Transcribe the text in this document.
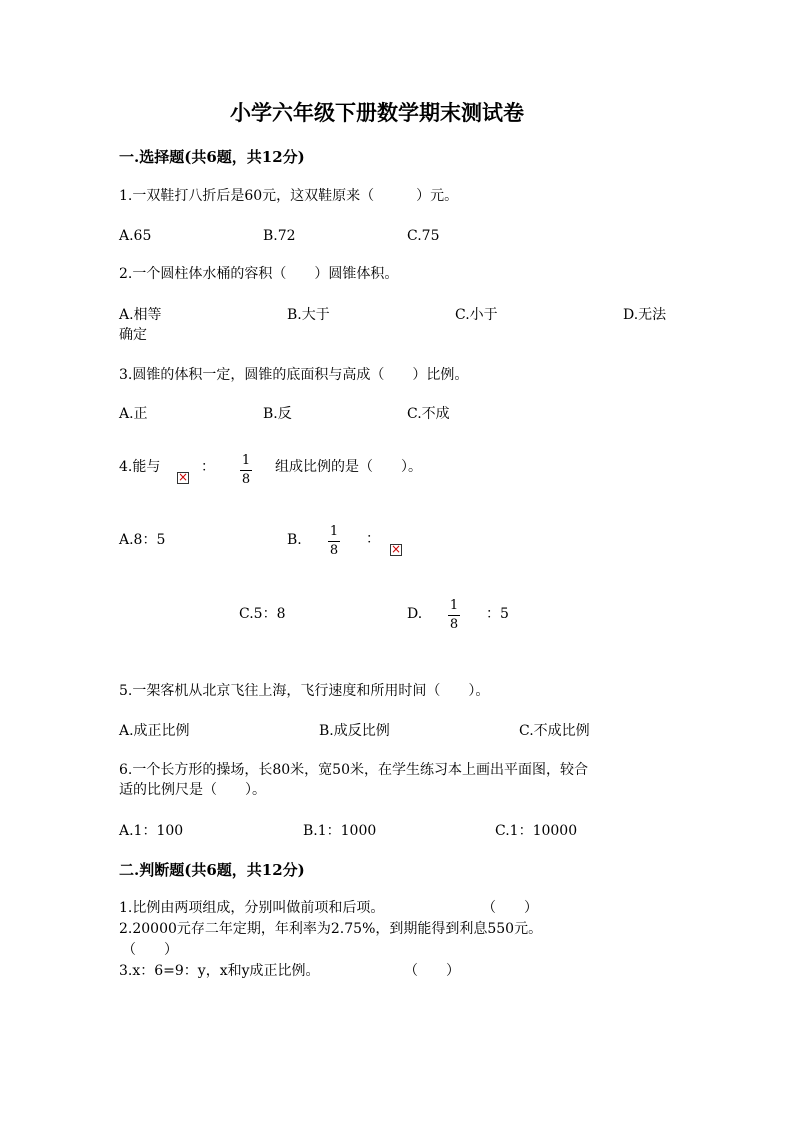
小学六年级下册数学期末测试卷
一.选择题(共6题，共12分)
1.一双鞋打八折后是60元，这双鞋原来（　　　）元。
A.65	B.72	C.75
2.一个圆柱体水桶的容积（　　）圆锥体积。
A.相等	B.大于	C.小于	D.无法
确定
3.圆锥的体积一定，圆锥的底面积与高成（　　）比例。
A.正	B.反	C.不成
4.能与
×	： 1
8
组成比例的是（　　）。
A.8：5	B.
1
8
：
×
C.5：8	D.
1
8
：5
5.一架客机从北京飞往上海，飞行速度和所用时间（　　）。
A.成正比例	B.成反比例	C.不成比例
6.一个长方形的操场，长80米，宽50米，在学生练习本上画出平面图，较合
适的比例尺是（　　）。
A.1：100	B.1：1000	C.1：10000
二.判断题(共6题，共12分)
1.比例由两项组成，分别叫做前项和后项。	（　　）
2.20000元存二年定期，年利率为2.75%，到期能得到利息550元。
（　　）
3.x：6=9：y，x和y成正比例。	（　　）
